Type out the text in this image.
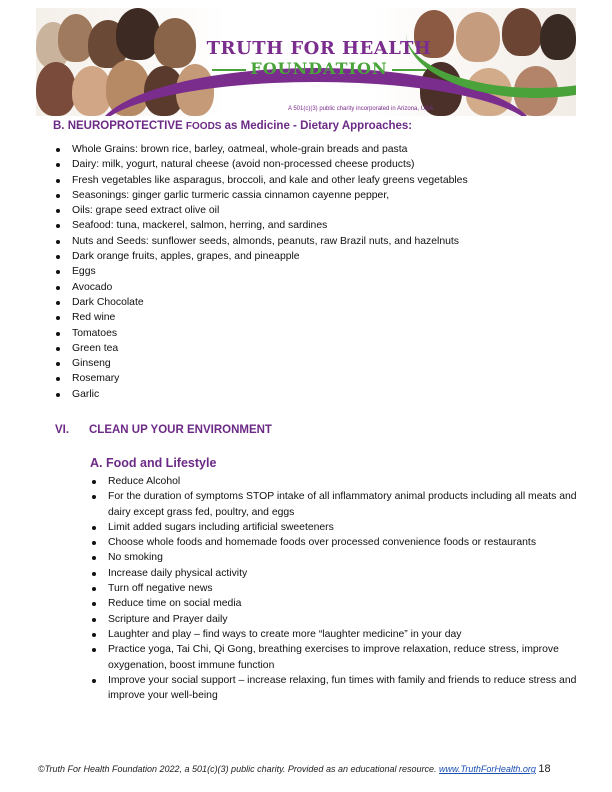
TRUTH FOR HEALTH
FOUNDATION
A 501(c)(3) public charity incorporated in Arizona, USA
B. NEUROPROTECTIVE FOODS as Medicine - Dietary Approaches:
Whole Grains: brown rice, barley, oatmeal, whole-grain breads and pasta
Dairy: milk, yogurt, natural cheese (avoid non-processed cheese products)
Fresh vegetables like asparagus, broccoli, and kale and other leafy greens vegetables
Seasonings: ginger garlic turmeric cassia cinnamon cayenne pepper,
Oils: grape seed extract olive oil
Seafood: tuna, mackerel, salmon, herring, and sardines
Nuts and Seeds: sunflower seeds, almonds, peanuts, raw Brazil nuts, and hazelnuts
Dark orange fruits, apples, grapes, and pineapple
Eggs
Avocado
Dark Chocolate
Red wine
Tomatoes
Green tea
Ginseng
Rosemary
Garlic
VI. CLEAN UP YOUR ENVIRONMENT
A. Food and Lifestyle
Reduce Alcohol
For the duration of symptoms STOP intake of all inflammatory animal products including all meats and dairy except grass fed, poultry, and eggs
Limit added sugars including artificial sweeteners
Choose whole foods and homemade foods over processed convenience foods or restaurants
No smoking
Increase daily physical activity
Turn off negative news
Reduce time on social media
Scripture and Prayer daily
Laughter and play – find ways to create more “laughter medicine” in your day
Practice yoga, Tai Chi, Qi Gong, breathing exercises to improve relaxation, reduce stress, improve oxygenation, boost immune function
Improve your social support – increase relaxing, fun times with family and friends to reduce stress and improve your well-being
©Truth For Health Foundation 2022, a 501(c)(3) public charity. Provided as an educational resource. www.TruthForHealth.org 18
